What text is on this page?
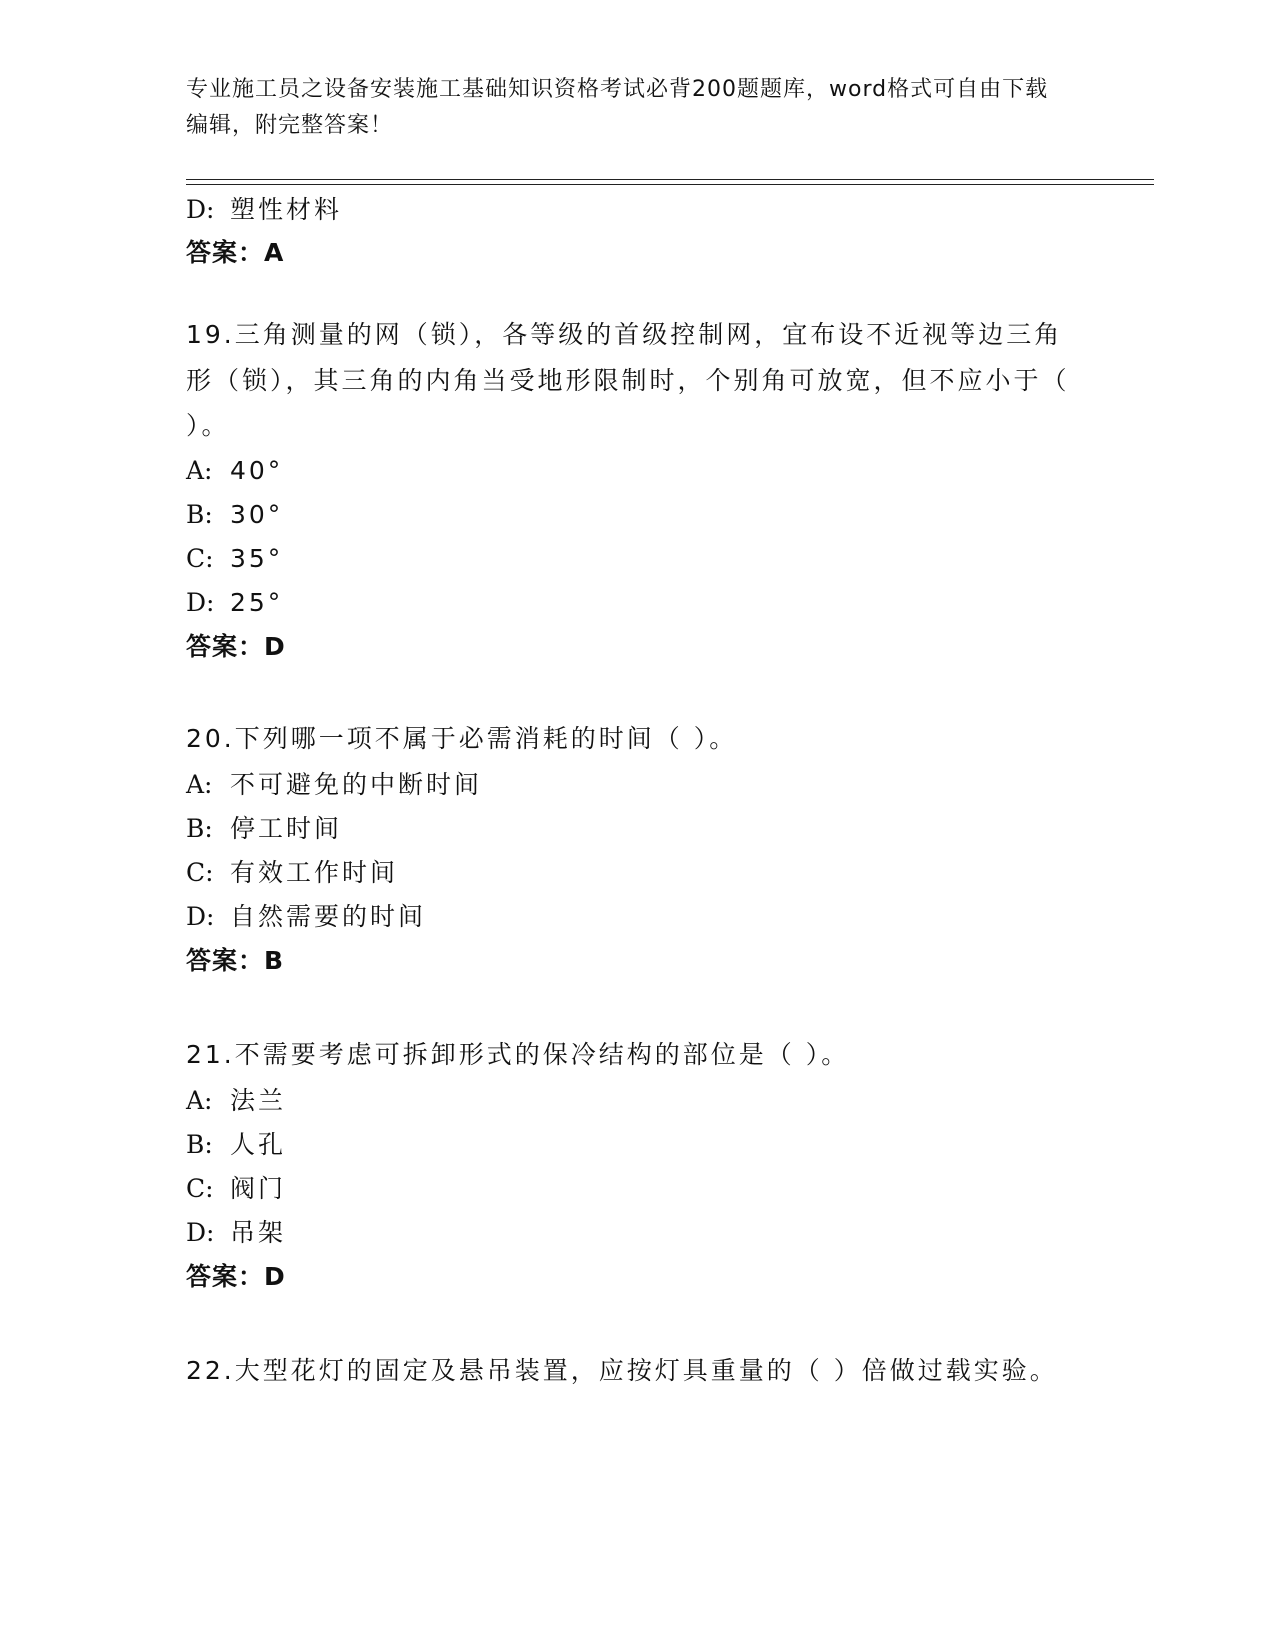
专业施工员之设备安装施工基础知识资格考试必背200题题库，word格式可自由下载编辑，附完整答案！
D: 塑性材料
答案：A
19.三角测量的网（锁），各等级的首级控制网，宜布设不近视等边三角形（锁），其三角的内角当受地形限制时，个别角可放宽，但不应小于（ ）。
A: 40°
B: 30°
C: 35°
D: 25°
答案：D
20.下列哪一项不属于必需消耗的时间（ ）。
A: 不可避免的中断时间
B: 停工时间
C: 有效工作时间
D: 自然需要的时间
答案：B
21.不需要考虑可拆卸形式的保冷结构的部位是（ ）。
A: 法兰
B: 人孔
C: 阀门
D: 吊架
答案：D
22.大型花灯的固定及悬吊装置，应按灯具重量的（ ）倍做过载实验。
